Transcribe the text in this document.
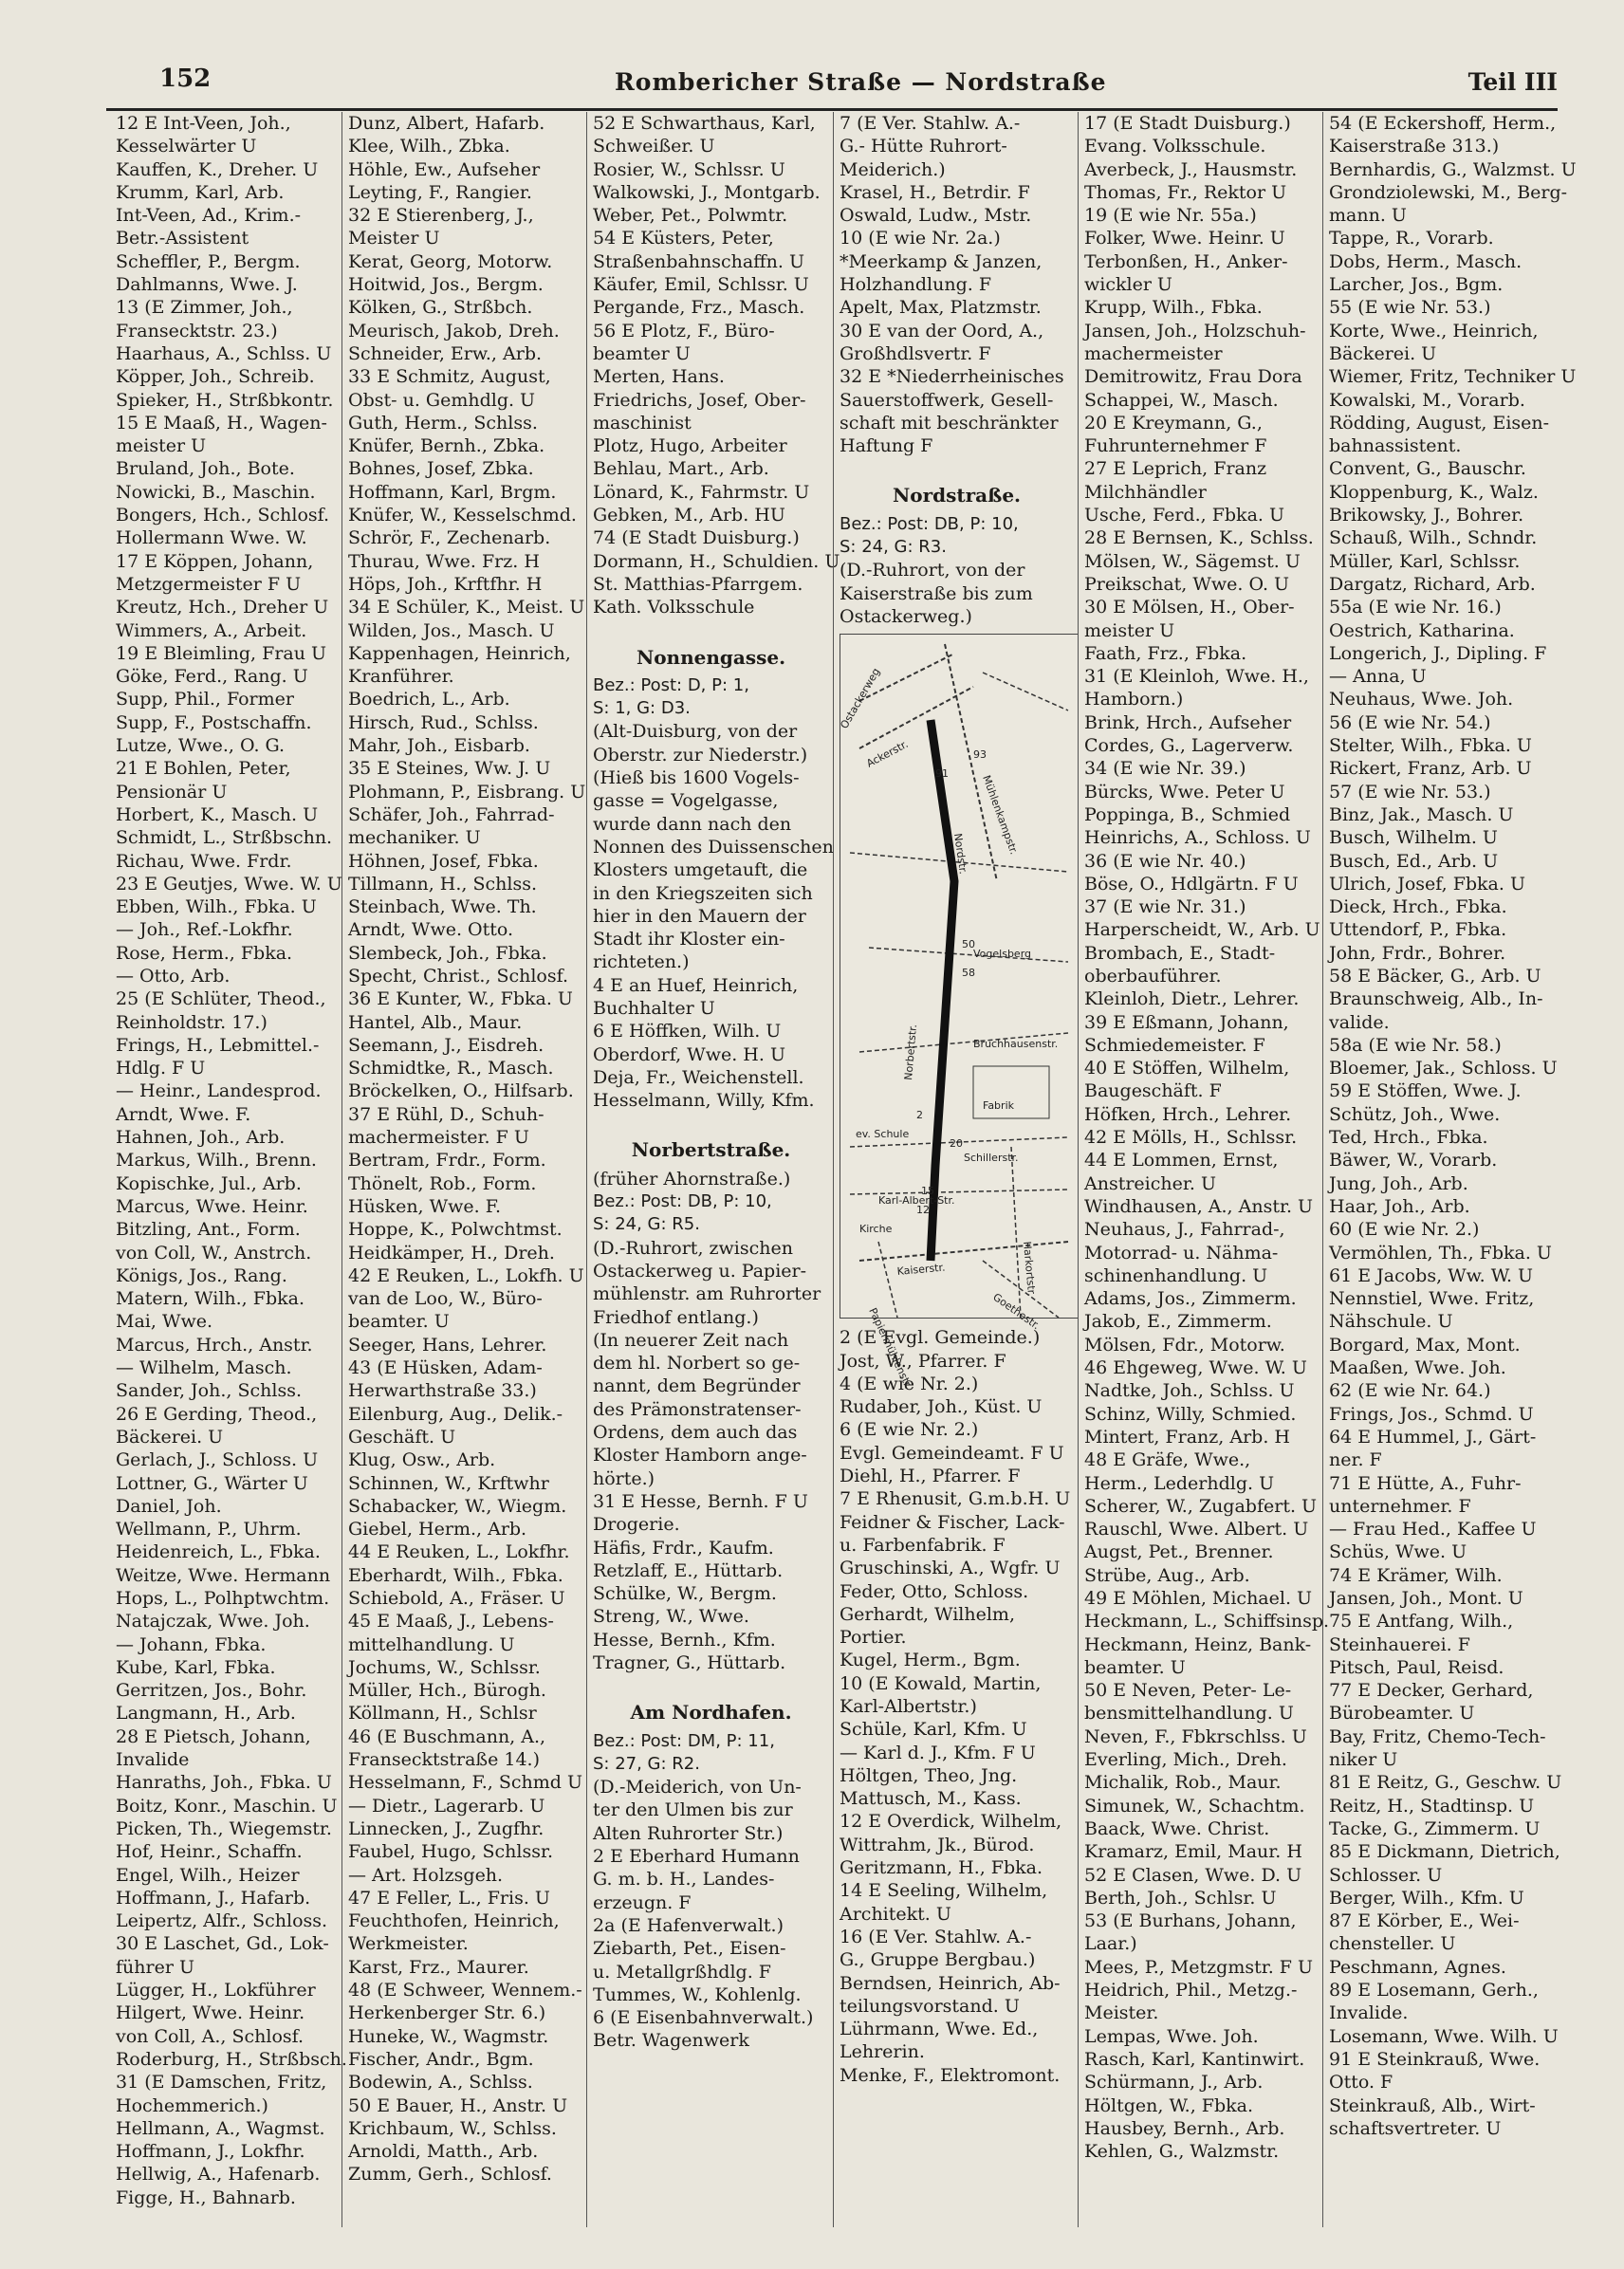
152	Rombericher Straße — Nordstraße	Teil III
12 E Int-Veen, Joh.,
Kesselwärter U
Kauffen, K., Dreher. U
Krumm, Karl, Arb.
Int-Veen, Ad., Krim.-
Betr.-Assistent
Scheffler, P., Bergm.
Dahlmanns, Wwe. J.
13 (E Zimmer, Joh.,
Fransecktstr. 23.)
Haarhaus, A., Schlss. U
Köpper, Joh., Schreib.
Spieker, H., Strßbkontr.
15 E Maaß, H., Wagen-
meister U
Bruland, Joh., Bote.
Nowicki, B., Maschin.
Bongers, Hch., Schlosf.
Hollermann Wwe. W.
17 E Köppen, Johann,
Metzgermeister F U
Kreutz, Hch., Dreher U
Wimmers, A., Arbeit.
19 E Bleimling, Frau U
Göke, Ferd., Rang. U
Supp, Phil., Former
Supp, F., Postschaffn.
Lutze, Wwe., O. G.
21 E Bohlen, Peter,
Pensionär U
Horbert, K., Masch. U
Schmidt, L., Strßbschn.
Richau, Wwe. Frdr.
23 E Geutjes, Wwe. W. U
Ebben, Wilh., Fbka. U
— Joh., Ref.-Lokfhr.
Rose, Herm., Fbka.
— Otto, Arb.
25 (E Schlüter, Theod.,
Reinholdstr. 17.)
Frings, H., Lebmittel.-
Hdlg. F U
— Heinr., Landesprod.
Arndt, Wwe. F.
Hahnen, Joh., Arb.
Markus, Wilh., Brenn.
Kopischke, Jul., Arb.
Marcus, Wwe. Heinr.
Bitzling, Ant., Form.
von Coll, W., Anstrch.
Königs, Jos., Rang.
Matern, Wilh., Fbka.
Mai, Wwe.
Marcus, Hrch., Anstr.
— Wilhelm, Masch.
Sander, Joh., Schlss.
26 E Gerding, Theod.,
Bäckerei. U
Gerlach, J., Schloss. U
Lottner, G., Wärter U
Daniel, Joh.
Wellmann, P., Uhrm.
Heidenreich, L., Fbka.
Weitze, Wwe. Hermann
Hops, L., Polhptwchtm.
Natajczak, Wwe. Joh.
— Johann, Fbka.
Kube, Karl, Fbka.
Gerritzen, Jos., Bohr.
Langmann, H., Arb.
28 E Pietsch, Johann,
Invalide
Hanraths, Joh., Fbka. U
Boitz, Konr., Maschin. U
Picken, Th., Wiegemstr.
Hof, Heinr., Schaffn.
Engel, Wilh., Heizer
Hoffmann, J., Hafarb.
Leipertz, Alfr., Schloss.
30 E Laschet, Gd., Lok-
führer U
Lügger, H., Lokführer
Hilgert, Wwe. Heinr.
von Coll, A., Schlosf.
Roderburg, H., Strßbsch.
31 (E Damschen, Fritz,
Hochemmerich.)
Hellmann, A., Wagmst.
Hoffmann, J., Lokfhr.
Hellwig, A., Hafenarb.
Figge, H., Bahnarb.
Dunz, Albert, Hafarb.
Klee, Wilh., Zbka.
Höhle, Ew., Aufseher
Leyting, F., Rangier.
32 E Stierenberg, J.,
Meister U
Kerat, Georg, Motorw.
Hoitwid, Jos., Bergm.
Kölken, G., Strßbch.
Meurisch, Jakob, Dreh.
Schneider, Erw., Arb.
33 E Schmitz, August,
Obst- u. Gemhdlg. U
Guth, Herm., Schlss.
Knüfer, Bernh., Zbka.
Bohnes, Josef, Zbka.
Hoffmann, Karl, Brgm.
Knüfer, W., Kesselschmd.
Schrör, F., Zechenarb.
Thurau, Wwe. Frz. H
Höps, Joh., Krftfhr. H
34 E Schüler, K., Meist. U
Wilden, Jos., Masch. U
Kappenhagen, Heinrich,
Kranführer.
Boedrich, L., Arb.
Hirsch, Rud., Schlss.
Mahr, Joh., Eisbarb.
35 E Steines, Ww. J. U
Plohmann, P., Eisbrang. U
Schäfer, Joh., Fahrrad-
mechaniker. U
Höhnen, Josef, Fbka.
Tillmann, H., Schlss.
Steinbach, Wwe. Th.
Arndt, Wwe. Otto.
Slembeck, Joh., Fbka.
Specht, Christ., Schlosf.
36 E Kunter, W., Fbka. U
Hantel, Alb., Maur.
Seemann, J., Eisdreh.
Schmidtke, R., Masch.
Bröckelken, O., Hilfsarb.
37 E Rühl, D., Schuh-
machermeister. F U
Bertram, Frdr., Form.
Thönelt, Rob., Form.
Hüsken, Wwe. F.
Hoppe, K., Polwchtmst.
Heidkämper, H., Dreh.
42 E Reuken, L., Lokfh. U
van de Loo, W., Büro-
beamter. U
Seeger, Hans, Lehrer.
43 (E Hüsken, Adam-
Herwarthstraße 33.)
Eilenburg, Aug., Delik.-
Geschäft. U
Klug, Osw., Arb.
Schinnen, W., Krftwhr
Schabacker, W., Wiegm.
Giebel, Herm., Arb.
44 E Reuken, L., Lokfhr.
Eberhardt, Wilh., Fbka.
Schiebold, A., Fräser. U
45 E Maaß, J., Lebens-
mittelhandlung. U
Jochums, W., Schlssr.
Müller, Hch., Bürogh.
Köllmann, H., Schlsr
46 (E Buschmann, A.,
Fransecktstraße 14.)
Hesselmann, F., Schmd U
— Dietr., Lagerarb. U
Linnecken, J., Zugfhr.
Faubel, Hugo, Schlssr.
— Art. Holzsgeh.
47 E Feller, L., Fris. U
Feuchthofen, Heinrich,
Werkmeister.
Karst, Frz., Maurer.
48 (E Schweer, Wennem.-
Herkenberger Str. 6.)
Huneke, W., Wagmstr.
Fischer, Andr., Bgm.
Bodewin, A., Schlss.
50 E Bauer, H., Anstr. U
Krichbaum, W., Schlss.
Arnoldi, Matth., Arb.
Zumm, Gerh., Schlosf.
52 E Schwarthaus, Karl,
Schweißer. U
Rosier, W., Schlssr. U
Walkowski, J., Montgarb.
Weber, Pet., Polwmtr.
54 E Küsters, Peter,
Straßenbahnschaffn. U
Käufer, Emil, Schlssr. U
Pergande, Frz., Masch.
56 E Plotz, F., Büro-
beamter U
Merten, Hans.
Friedrichs, Josef, Ober-
maschinist
Plotz, Hugo, Arbeiter
Behlau, Mart., Arb.
Lönard, K., Fahrmstr. U
Gebken, M., Arb. HU
74 (E Stadt Duisburg.)
Dormann, H., Schuldien. U
St. Matthias-Pfarrgem.
Kath. Volksschule
Nonnengasse.
Bez.: Post: D, P: 1,
S: 1, G: D3.
(Alt-Duisburg, von der
Oberstr. zur Niederstr.)
(Hieß bis 1600 Vogels-
gasse = Vogelgasse,
wurde dann nach den
Nonnen des Duissenschen
Klosters umgetauft, die
in den Kriegszeiten sich
hier in den Mauern der
Stadt ihr Kloster ein-
richteten.)
4 E an Huef, Heinrich,
Buchhalter U
6 E Höffken, Wilh. U
Oberdorf, Wwe. H. U
Deja, Fr., Weichenstell.
Hesselmann, Willy, Kfm.
Norbertstraße.
(früher Ahornstraße.)
Bez.: Post: DB, P: 10,
S: 24, G: R5.
(D.-Ruhrort, zwischen
Ostackerweg u. Papier-
mühlenstr. am Ruhrorter
Friedhof entlang.)
(In neuerer Zeit nach
dem hl. Norbert so ge-
nannt, dem Begründer
des Prämonstratenser-
Ordens, dem auch das
Kloster Hamborn ange-
hörte.)
31 E Hesse, Bernh. F U
Drogerie.
Häfis, Frdr., Kaufm.
Retzlaff, E., Hüttarb.
Schülke, W., Bergm.
Streng, W., Wwe.
Hesse, Bernh., Kfm.
Tragner, G., Hüttarb.
Am Nordhafen.
Bez.: Post: DM, P: 11,
S: 27, G: R2.
(D.-Meiderich, von Un-
ter den Ulmen bis zur
Alten Ruhrorter Str.)
2 E Eberhard Humann
G. m. b. H., Landes-
erzeugn. F
2a (E Hafenverwalt.)
Ziebarth, Pet., Eisen-
u. Metallgrßhdlg. F
Tummes, W., Kohlenlg.
6 (E Eisenbahnverwalt.)
Betr. Wagenwerk
7 (E Ver. Stahlw. A.-
G.- Hütte Ruhrort-
Meiderich.)
Krasel, H., Betrdir. F
Oswald, Ludw., Mstr.
10 (E wie Nr. 2a.)
*Meerkamp & Janzen,
Holzhandlung. F
Apelt, Max, Platzmstr.
30 E van der Oord, A.,
Großhdlsvertr. F
32 E *Niederrheinisches
Sauerstoffwerk, Gesell-
schaft mit beschränkter
Haftung F
Nordstraße.
Bez.: Post: DB, P: 10,
S: 24, G: R3.
(D.-Ruhrort, von der
Kaiserstraße bis zum
Ostackerweg.)
Ostackerweg
Ackerstr.
Mühlenkampstr.
Vogelsberg
Bruchhausenstr.
Norbertstr.
Nordstr.
Schillerstr.
Karl-Albert-Str.
Kirche
Kaiserstr.
Goethestr.
Harkortstr.
ev. Schule
Fabrik
Papiermühlenstr.
91
93
50
58
2
20
15
12
2 (E Evgl. Gemeinde.)
Jost, W., Pfarrer. F
4 (E wie Nr. 2.)
Rudaber, Joh., Küst. U
6 (E wie Nr. 2.)
Evgl. Gemeindeamt. F U
Diehl, H., Pfarrer. F
7 E Rhenusit, G.m.b.H. U
Feidner & Fischer, Lack-
u. Farbenfabrik. F
Gruschinski, A., Wgfr. U
Feder, Otto, Schloss.
Gerhardt, Wilhelm,
Portier.
Kugel, Herm., Bgm.
10 (E Kowald, Martin,
Karl-Albertstr.)
Schüle, Karl, Kfm. U
— Karl d. J., Kfm. F U
Höltgen, Theo, Jng.
Mattusch, M., Kass.
12 E Overdick, Wilhelm,
Wittrahm, Jk., Bürod.
Geritzmann, H., Fbka.
14 E Seeling, Wilhelm,
Architekt. U
16 (E Ver. Stahlw. A.-
G., Gruppe Bergbau.)
Berndsen, Heinrich, Ab-
teilungsvorstand. U
Lührmann, Wwe. Ed.,
Lehrerin.
Menke, F., Elektromont.
17 (E Stadt Duisburg.)
Evang. Volksschule.
Averbeck, J., Hausmstr.
Thomas, Fr., Rektor U
19 (E wie Nr. 55a.)
Folker, Wwe. Heinr. U
Terbonßen, H., Anker-
wickler U
Krupp, Wilh., Fbka.
Jansen, Joh., Holzschuh-
machermeister
Demitrowitz, Frau Dora
Schappei, W., Masch.
20 E Kreymann, G.,
Fuhrunternehmer F
27 E Leprich, Franz
Milchhändler
Usche, Ferd., Fbka. U
28 E Bernsen, K., Schlss.
Mölsen, W., Sägemst. U
Preikschat, Wwe. O. U
30 E Mölsen, H., Ober-
meister U
Faath, Frz., Fbka.
31 (E Kleinloh, Wwe. H.,
Hamborn.)
Brink, Hrch., Aufseher
Cordes, G., Lagerverw.
34 (E wie Nr. 39.)
Bürcks, Wwe. Peter U
Poppinga, B., Schmied
Heinrichs, A., Schloss. U
36 (E wie Nr. 40.)
Böse, O., Hdlgärtn. F U
37 (E wie Nr. 31.)
Harperscheidt, W., Arb. U
Brombach, E., Stadt-
oberbauführer.
Kleinloh, Dietr., Lehrer.
39 E Eßmann, Johann,
Schmiedemeister. F
40 E Stöffen, Wilhelm,
Baugeschäft. F
Höfken, Hrch., Lehrer.
42 E Mölls, H., Schlssr.
44 E Lommen, Ernst,
Anstreicher. U
Windhausen, A., Anstr. U
Neuhaus, J., Fahrrad-,
Motorrad- u. Nähma-
schinenhandlung. U
Adams, Jos., Zimmerm.
Jakob, E., Zimmerm.
Mölsen, Fdr., Motorw.
46 Ehgeweg, Wwe. W. U
Nadtke, Joh., Schlss. U
Schinz, Willy, Schmied.
Mintert, Franz, Arb. H
48 E Gräfe, Wwe.,
Herm., Lederhdlg. U
Scherer, W., Zugabfert. U
Rauschl, Wwe. Albert. U
Augst, Pet., Brenner.
Strübe, Aug., Arb.
49 E Möhlen, Michael. U
Heckmann, L., Schiffsinsp.
Heckmann, Heinz, Bank-
beamter. U
50 E Neven, Peter- Le-
bensmittelhandlung. U
Neven, F., Fbkrschlss. U
Everling, Mich., Dreh.
Michalik, Rob., Maur.
Simunek, W., Schachtm.
Baack, Wwe. Christ.
Kramarz, Emil, Maur. H
52 E Clasen, Wwe. D. U
Berth, Joh., Schlsr. U
53 (E Burhans, Johann,
Laar.)
Mees, P., Metzgmstr. F U
Heidrich, Phil., Metzg.-
Meister.
Lempas, Wwe. Joh.
Rasch, Karl, Kantinwirt.
Schürmann, J., Arb.
Höltgen, W., Fbka.
Hausbey, Bernh., Arb.
Kehlen, G., Walzmstr.
54 (E Eckershoff, Herm.,
Kaiserstraße 313.)
Bernhardis, G., Walzmst. U
Grondziolewski, M., Berg-
mann. U
Tappe, R., Vorarb.
Dobs, Herm., Masch.
Larcher, Jos., Bgm.
55 (E wie Nr. 53.)
Korte, Wwe., Heinrich,
Bäckerei. U
Wiemer, Fritz, Techniker U
Kowalski, M., Vorarb.
Rödding, August, Eisen-
bahnassistent.
Convent, G., Bauschr.
Kloppenburg, K., Walz.
Brikowsky, J., Bohrer.
Schauß, Wilh., Schndr.
Müller, Karl, Schlssr.
Dargatz, Richard, Arb.
55a (E wie Nr. 16.)
Oestrich, Katharina.
Longerich, J., Dipling. F
— Anna, U
Neuhaus, Wwe. Joh.
56 (E wie Nr. 54.)
Stelter, Wilh., Fbka. U
Rickert, Franz, Arb. U
57 (E wie Nr. 53.)
Binz, Jak., Masch. U
Busch, Wilhelm. U
Busch, Ed., Arb. U
Ulrich, Josef, Fbka. U
Dieck, Hrch., Fbka.
Uttendorf, P., Fbka.
John, Frdr., Bohrer.
58 E Bäcker, G., Arb. U
Braunschweig, Alb., In-
valide.
58a (E wie Nr. 58.)
Bloemer, Jak., Schloss. U
59 E Stöffen, Wwe. J.
Schütz, Joh., Wwe.
Ted, Hrch., Fbka.
Bäwer, W., Vorarb.
Jung, Joh., Arb.
Haar, Joh., Arb.
60 (E wie Nr. 2.)
Vermöhlen, Th., Fbka. U
61 E Jacobs, Ww. W. U
Nennstiel, Wwe. Fritz,
Nähschule. U
Borgard, Max, Mont.
Maaßen, Wwe. Joh.
62 (E wie Nr. 64.)
Frings, Jos., Schmd. U
64 E Hummel, J., Gärt-
ner. F
71 E Hütte, A., Fuhr-
unternehmer. F
— Frau Hed., Kaffee U
Schüs, Wwe. U
74 E Krämer, Wilh.
Jansen, Joh., Mont. U
75 E Antfang, Wilh.,
Steinhauerei. F
Pitsch, Paul, Reisd.
77 E Decker, Gerhard,
Bürobeamter. U
Bay, Fritz, Chemo-Tech-
niker U
81 E Reitz, G., Geschw. U
Reitz, H., Stadtinsp. U
Tacke, G., Zimmerm. U
85 E Dickmann, Dietrich,
Schlosser. U
Berger, Wilh., Kfm. U
87 E Körber, E., Wei-
chensteller. U
Peschmann, Agnes.
89 E Losemann, Gerh.,
Invalide.
Losemann, Wwe. Wilh. U
91 E Steinkrauß, Wwe.
Otto. F
Steinkrauß, Alb., Wirt-
schaftsvertreter. U
